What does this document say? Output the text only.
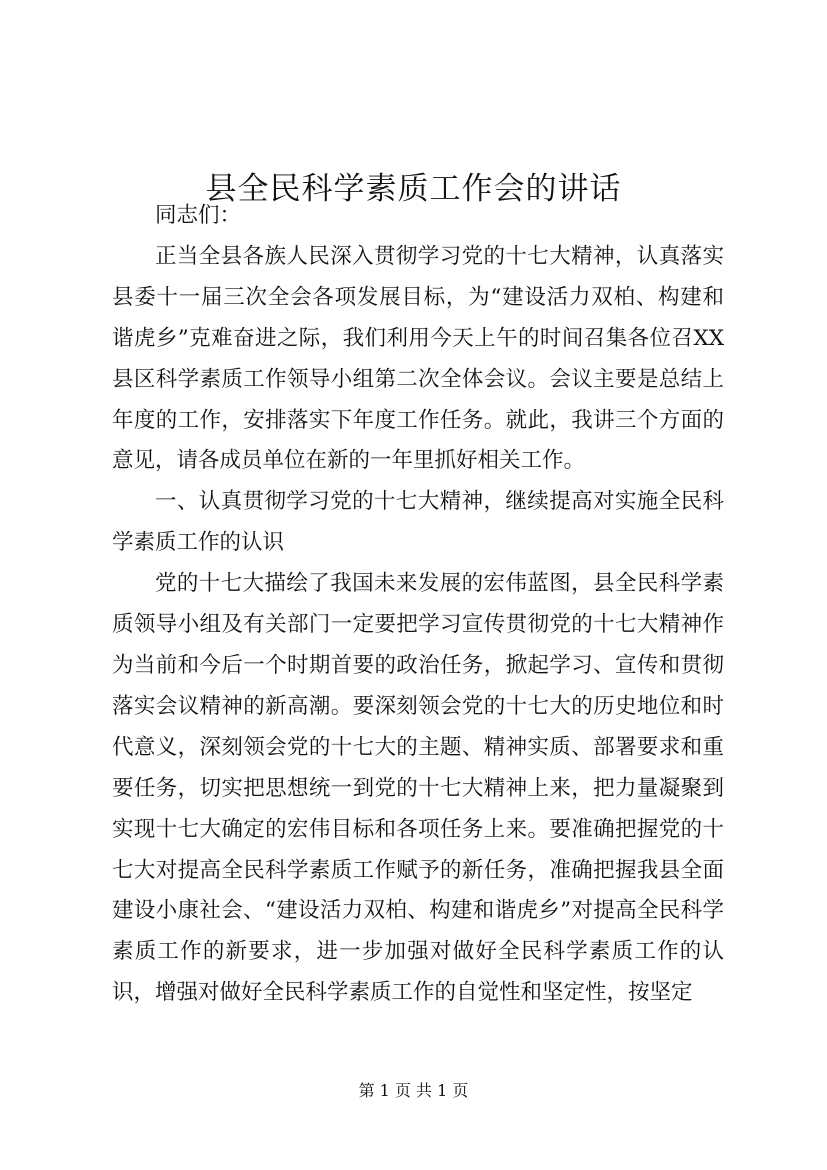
县全民科学素质工作会的讲话

同志们：

正当全县各族人民深入贯彻学习党的十七大精神，认真落实县委十一届三次全会各项发展目标，为“建设活力双柏、构建和谐虎乡”克难奋进之际，我们利用今天上午的时间召集各位召XX县区科学素质工作领导小组第二次全体会议。会议主要是总结上年度的工作，安排落实下年度工作任务。就此，我讲三个方面的意见，请各成员单位在新的一年里抓好相关工作。

一、认真贯彻学习党的十七大精神，继续提高对实施全民科学素质工作的认识

党的十七大描绘了我国未来发展的宏伟蓝图，县全民科学素质领导小组及有关部门一定要把学习宣传贯彻党的十七大精神作为当前和今后一个时期首要的政治任务，掀起学习、宣传和贯彻落实会议精神的新高潮。要深刻领会党的十七大的历史地位和时代意义，深刻领会党的十七大的主题、精神实质、部署要求和重要任务，切实把思想统一到党的十七大精神上来，把力量凝聚到实现十七大确定的宏伟目标和各项任务上来。要准确把握党的十七大对提高全民科学素质工作赋予的新任务，准确把握我县全面建设小康社会、“建设活力双柏、构建和谐虎乡”对提高全民科学素质工作的新要求，进一步加强对做好全民科学素质工作的认识，增强对做好全民科学素质工作的自觉性和坚定性，按坚定

第 1 页 共 1 页
